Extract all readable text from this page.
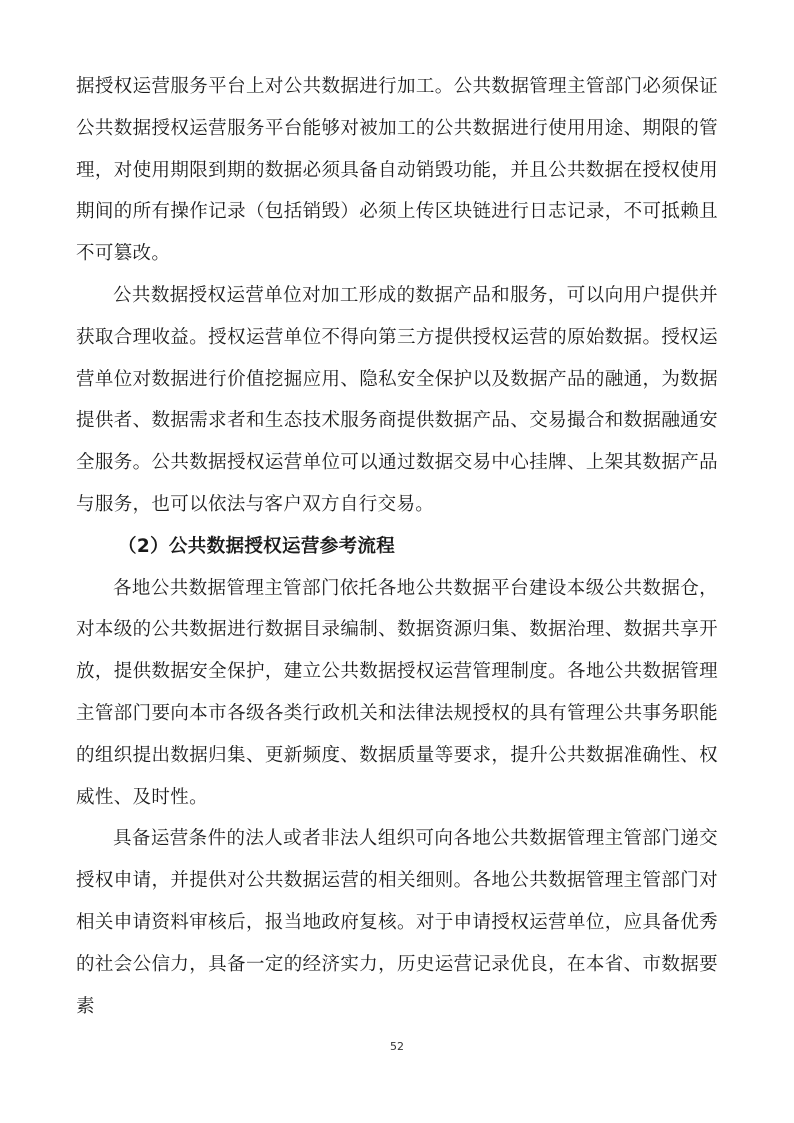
据授权运营服务平台上对公共数据进行加工。公共数据管理主管部门必须保证公共数据授权运营服务平台能够对被加工的公共数据进行使用用途、期限的管理，对使用期限到期的数据必须具备自动销毁功能，并且公共数据在授权使用期间的所有操作记录（包括销毁）必须上传区块链进行日志记录，不可抵赖且不可篡改。

公共数据授权运营单位对加工形成的数据产品和服务，可以向用户提供并获取合理收益。授权运营单位不得向第三方提供授权运营的原始数据。授权运营单位对数据进行价值挖掘应用、隐私安全保护以及数据产品的融通，为数据提供者、数据需求者和生态技术服务商提供数据产品、交易撮合和数据融通安全服务。公共数据授权运营单位可以通过数据交易中心挂牌、上架其数据产品与服务，也可以依法与客户双方自行交易。

（2）公共数据授权运营参考流程

各地公共数据管理主管部门依托各地公共数据平台建设本级公共数据仓，对本级的公共数据进行数据目录编制、数据资源归集、数据治理、数据共享开放，提供数据安全保护，建立公共数据授权运营管理制度。各地公共数据管理主管部门要向本市各级各类行政机关和法律法规授权的具有管理公共事务职能的组织提出数据归集、更新频度、数据质量等要求，提升公共数据准确性、权威性、及时性。

具备运营条件的法人或者非法人组织可向各地公共数据管理主管部门递交授权申请，并提供对公共数据运营的相关细则。各地公共数据管理主管部门对相关申请资料审核后，报当地政府复核。对于申请授权运营单位，应具备优秀的社会公信力，具备一定的经济实力，历史运营记录优良，在本省、市数据要素

52
